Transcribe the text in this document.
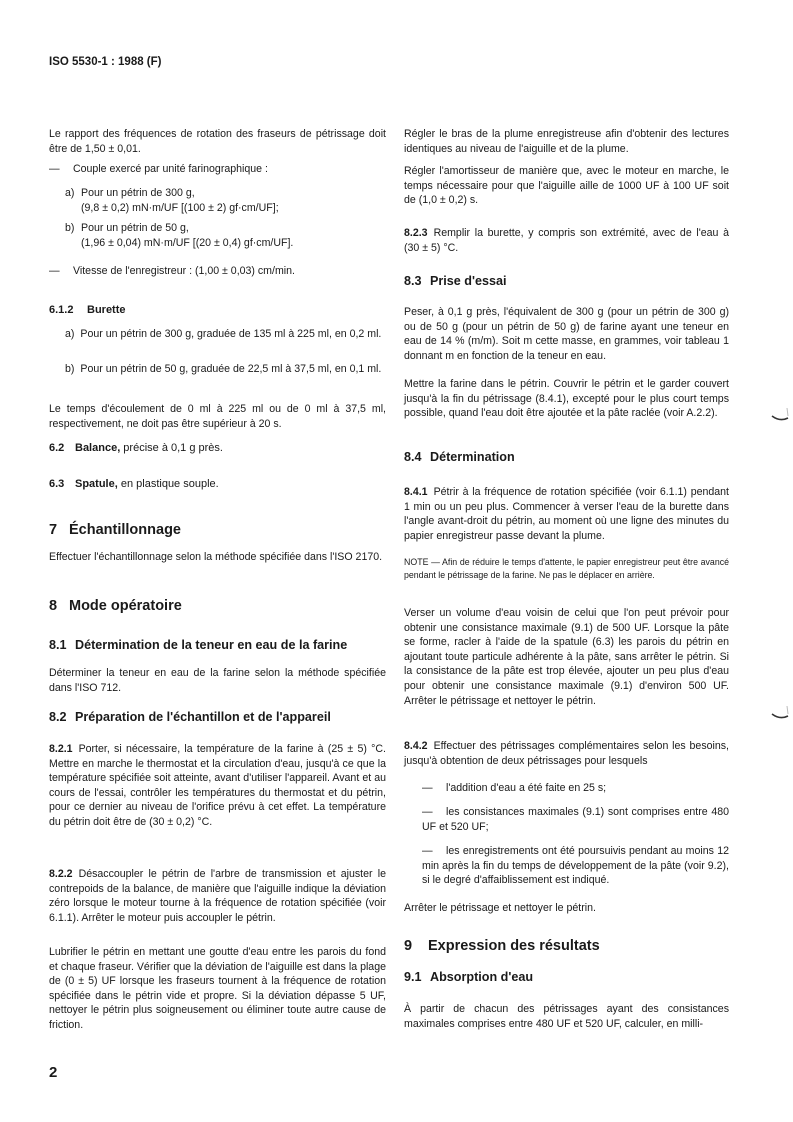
ISO 5530-1 : 1988 (F)
Le rapport des fréquences de rotation des fraseurs de pétrissage doit être de 1,50 ± 0,01.
— Couple exercé par unité farinographique :
a) Pour un pétrin de 300 g,
(9,8 ± 0,2) mN·m/UF [(100 ± 2) gf·cm/UF];
b) Pour un pétrin de 50 g,
(1,96 ± 0,04) mN·m/UF [(20 ± 0,4) gf·cm/UF].
— Vitesse de l'enregistreur : (1,00 ± 0,03) cm/min.
6.1.2 Burette
a) Pour un pétrin de 300 g, graduée de 135 ml à 225 ml, en 0,2 ml.
b) Pour un pétrin de 50 g, graduée de 22,5 ml à 37,5 ml, en 0,1 ml.
Le temps d'écoulement de 0 ml à 225 ml ou de 0 ml à 37,5 ml, respectivement, ne doit pas être supérieur à 20 s.
6.2 Balance, précise à 0,1 g près.
6.3 Spatule, en plastique souple.
7 Échantillonnage
Effectuer l'échantillonnage selon la méthode spécifiée dans l'ISO 2170.
8 Mode opératoire
8.1 Détermination de la teneur en eau de la farine
Déterminer la teneur en eau de la farine selon la méthode spécifiée dans l'ISO 712.
8.2 Préparation de l'échantillon et de l'appareil
8.2.1 Porter, si nécessaire, la température de la farine à (25 ± 5) °C. Mettre en marche le thermostat et la circulation d'eau, jusqu'à ce que la température spécifiée soit atteinte, avant d'utiliser l'appareil. Avant et au cours de l'essai, contrôler les températures du thermostat et du pétrin, pour ce dernier au niveau de l'orifice prévu à cet effet. La température du pétrin doit être de (30 ± 0,2) °C.
8.2.2 Désaccoupler le pétrin de l'arbre de transmission et ajuster le contrepoids de la balance, de manière que l'aiguille indique la déviation zéro lorsque le moteur tourne à la fréquence de rotation spécifiée (voir 6.1.1). Arrêter le moteur puis accoupler le pétrin.
Lubrifier le pétrin en mettant une goutte d'eau entre les parois du fond et chaque fraseur. Vérifier que la déviation de l'aiguille est dans la plage de (0 ± 5) UF lorsque les fraseurs tournent à la fréquence de rotation spécifiée dans le pétrin vide et propre. Si la déviation dépasse 5 UF, nettoyer le pétrin plus soigneusement ou éliminer toute autre cause de friction.
2
Régler le bras de la plume enregistreuse afin d'obtenir des lectures identiques au niveau de l'aiguille et de la plume.
Régler l'amortisseur de manière que, avec le moteur en marche, le temps nécessaire pour que l'aiguille aille de 1000 UF à 100 UF soit de (1,0 ± 0,2) s.
8.2.3 Remplir la burette, y compris son extrémité, avec de l'eau à (30 ± 5) °C.
8.3 Prise d'essai
Peser, à 0,1 g près, l'équivalent de 300 g (pour un pétrin de 300 g) ou de 50 g (pour un pétrin de 50 g) de farine ayant une teneur en eau de 14 % (m/m). Soit m cette masse, en grammes, voir tableau 1 donnant m en fonction de la teneur en eau.
Mettre la farine dans le pétrin. Couvrir le pétrin et le garder couvert jusqu'à la fin du pétrissage (8.4.1), excepté pour le plus court temps possible, quand l'eau doit être ajoutée et la pâte raclée (voir A.2.2).
8.4 Détermination
8.4.1 Pétrir à la fréquence de rotation spécifiée (voir 6.1.1) pendant 1 min ou un peu plus. Commencer à verser l'eau de la burette dans l'angle avant-droit du pétrin, au moment où une ligne des minutes du papier enregistreur passe devant la plume.
NOTE — Afin de réduire le temps d'attente, le papier enregistreur peut être avancé pendant le pétrissage de la farine. Ne pas le déplacer en arrière.
Verser un volume d'eau voisin de celui que l'on peut prévoir pour obtenir une consistance maximale (9.1) de 500 UF. Lorsque la pâte se forme, racler à l'aide de la spatule (6.3) les parois du pétrin en ajoutant toute particule adhérente à la pâte, sans arrêter le pétrin. Si la consistance de la pâte est trop élevée, ajouter un peu plus d'eau pour obtenir une consistance maximale (9.1) d'environ 500 UF. Arrêter le pétrissage et nettoyer le pétrin.
8.4.2 Effectuer des pétrissages complémentaires selon les besoins, jusqu'à obtention de deux pétrissages pour lesquels
— l'addition d'eau a été faite en 25 s;
— les consistances maximales (9.1) sont comprises entre 480 UF et 520 UF;
— les enregistrements ont été poursuivis pendant au moins 12 min après la fin du temps de développement de la pâte (voir 9.2), si le degré d'affaiblissement est indiqué.
Arrêter le pétrissage et nettoyer le pétrin.
9 Expression des résultats
9.1 Absorption d'eau
À partir de chacun des pétrissages ayant des consistances maximales comprises entre 480 UF et 520 UF, calculer, en milli-
